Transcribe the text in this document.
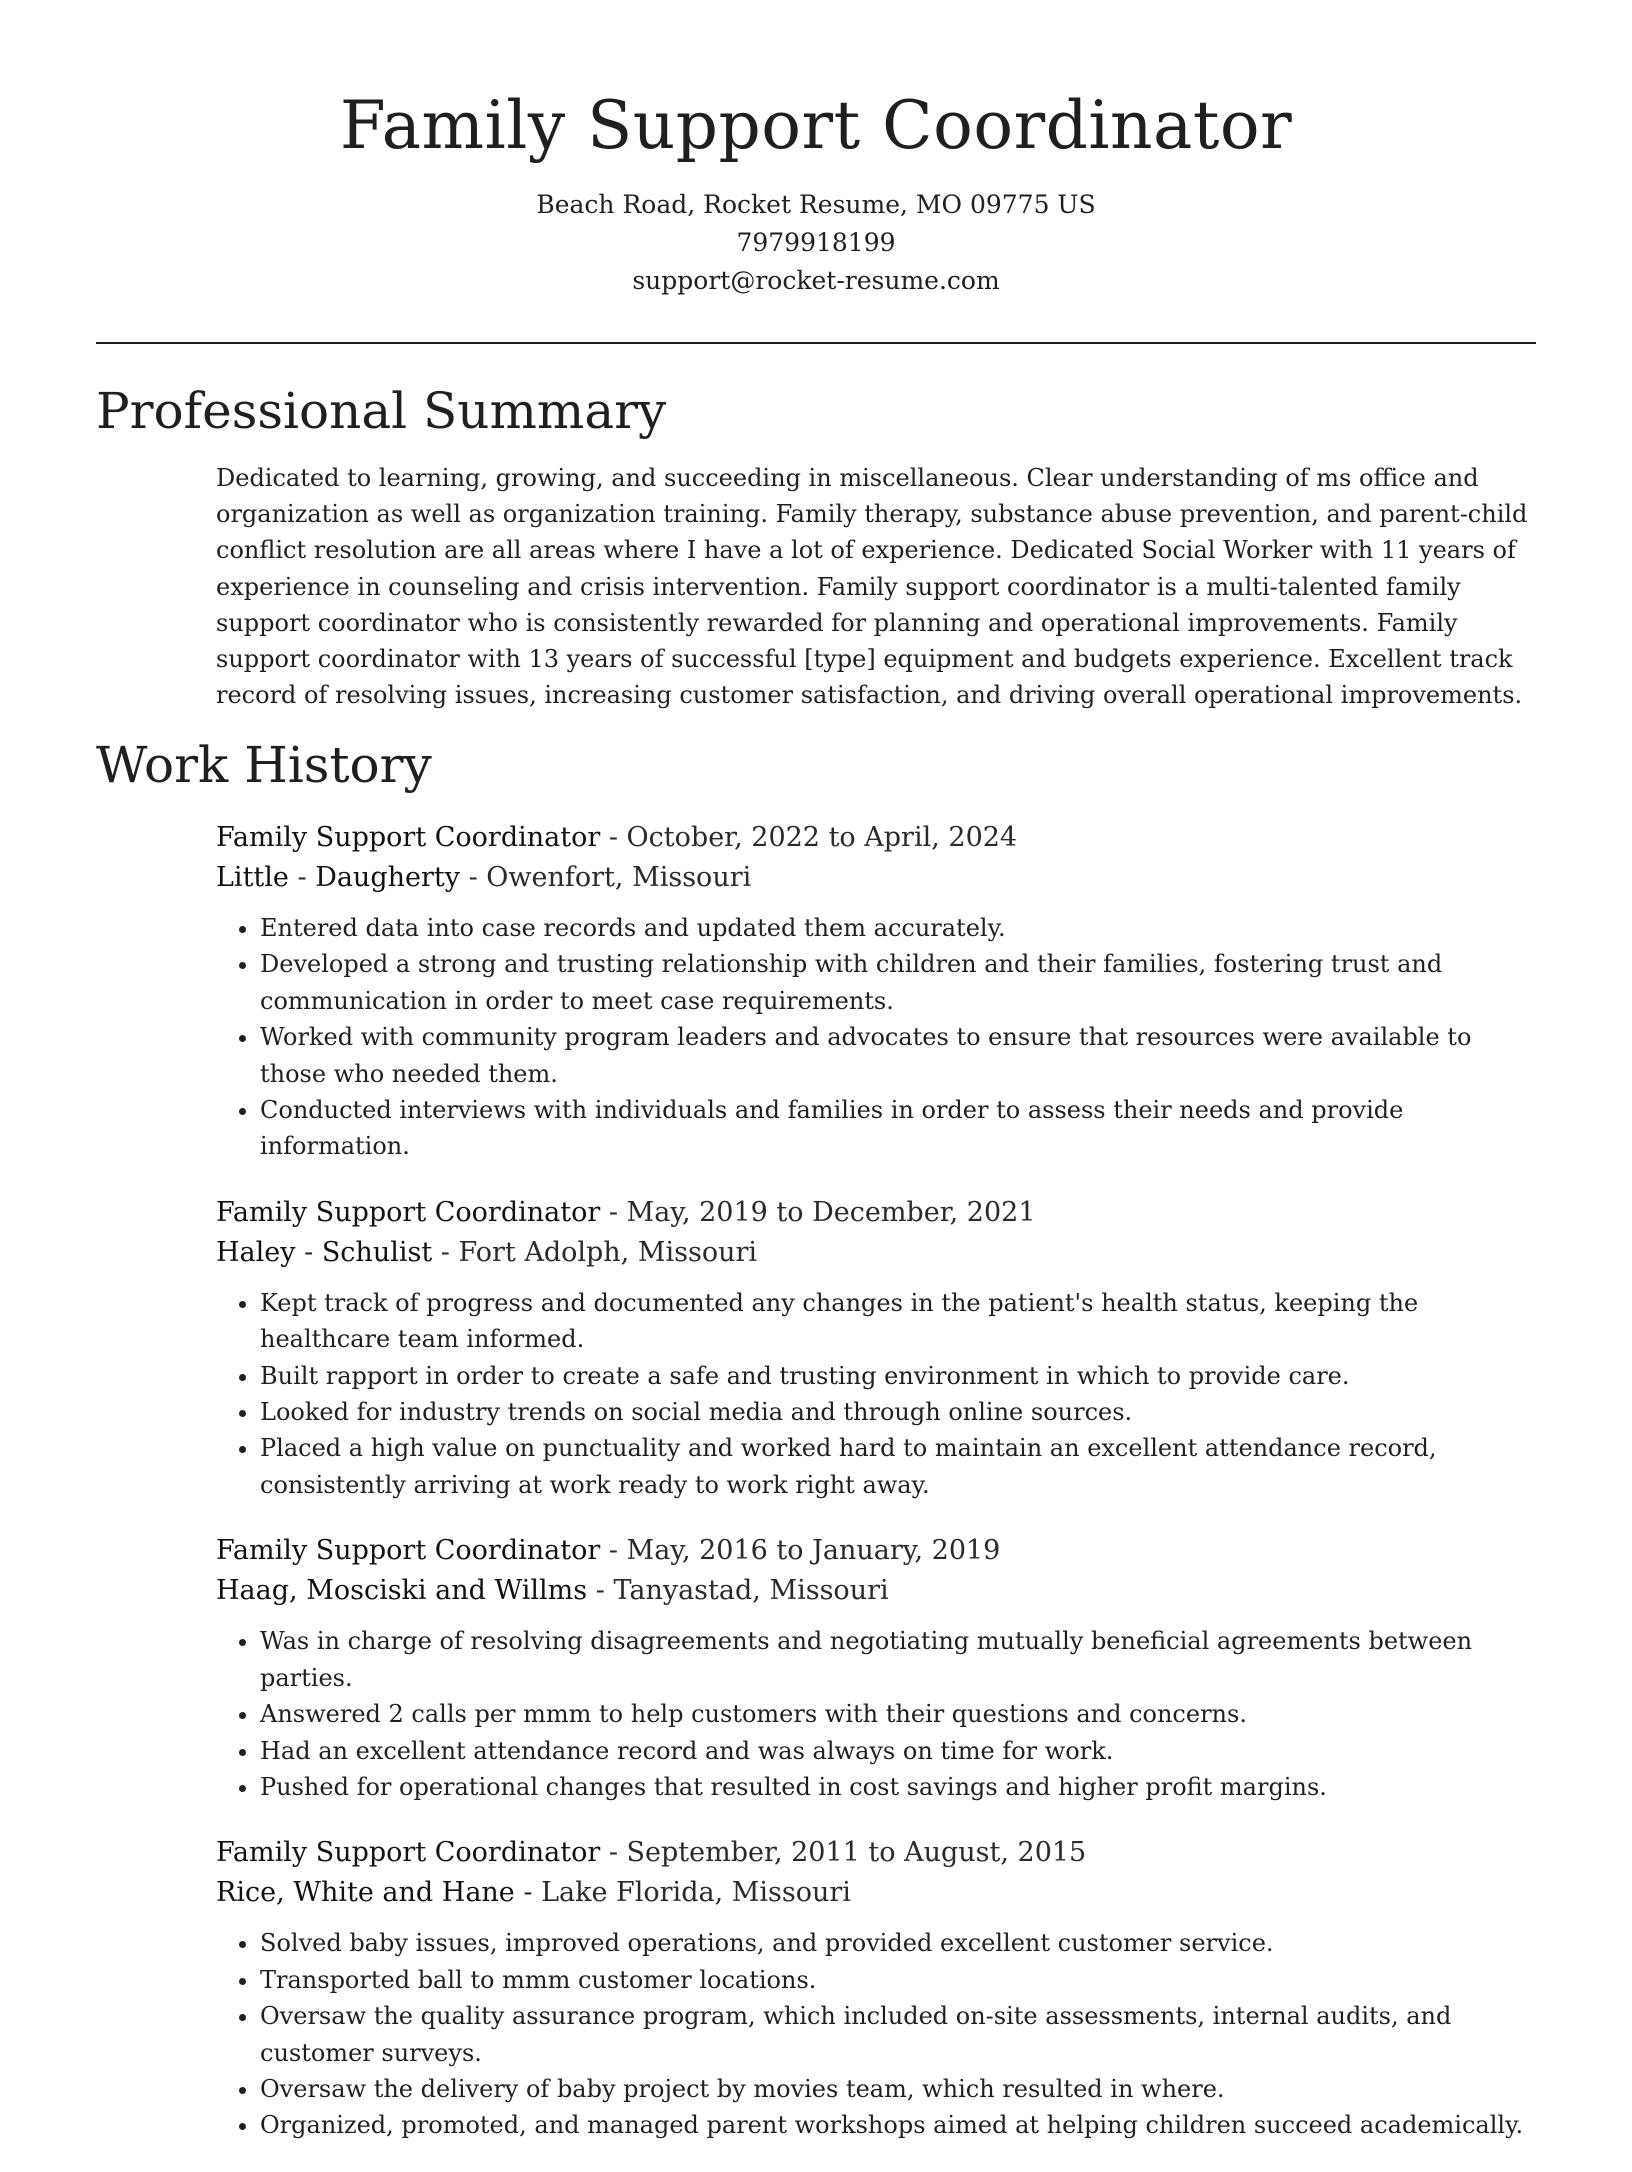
Family Support Coordinator

Beach Road, Rocket Resume, MO 09775 US

7979918199

support@rocket-resume.com

Professional Summary

Dedicated to learning, growing, and succeeding in miscellaneous. Clear understanding of ms office and organization as well as organization training. Family therapy, substance abuse prevention, and parent-child conflict resolution are all areas where I have a lot of experience. Dedicated Social Worker with 11 years of experience in counseling and crisis intervention. Family support coordinator is a multi-talented family support coordinator who is consistently rewarded for planning and operational improvements. Family support coordinator with 13 years of successful [type] equipment and budgets experience. Excellent track record of resolving issues, increasing customer satisfaction, and driving overall operational improvements.

Work History

Family Support Coordinator - October, 2022 to April, 2024

Little - Daugherty - Owenfort, Missouri

• Entered data into case records and updated them accurately.
• Developed a strong and trusting relationship with children and their families, fostering trust and communication in order to meet case requirements.
• Worked with community program leaders and advocates to ensure that resources were available to those who needed them.
• Conducted interviews with individuals and families in order to assess their needs and provide information.

Family Support Coordinator - May, 2019 to December, 2021

Haley - Schulist - Fort Adolph, Missouri

• Kept track of progress and documented any changes in the patient's health status, keeping the healthcare team informed.
• Built rapport in order to create a safe and trusting environment in which to provide care.
• Looked for industry trends on social media and through online sources.
• Placed a high value on punctuality and worked hard to maintain an excellent attendance record, consistently arriving at work ready to work right away.

Family Support Coordinator - May, 2016 to January, 2019

Haag, Mosciski and Willms - Tanyastad, Missouri

• Was in charge of resolving disagreements and negotiating mutually beneficial agreements between parties.
• Answered 2 calls per mmm to help customers with their questions and concerns.
• Had an excellent attendance record and was always on time for work.
• Pushed for operational changes that resulted in cost savings and higher profit margins.

Family Support Coordinator - September, 2011 to August, 2015

Rice, White and Hane - Lake Florida, Missouri

• Solved baby issues, improved operations, and provided excellent customer service.
• Transported ball to mmm customer locations.
• Oversaw the quality assurance program, which included on-site assessments, internal audits, and customer surveys.
• Oversaw the delivery of baby project by movies team, which resulted in where.
• Organized, promoted, and managed parent workshops aimed at helping children succeed academically.
